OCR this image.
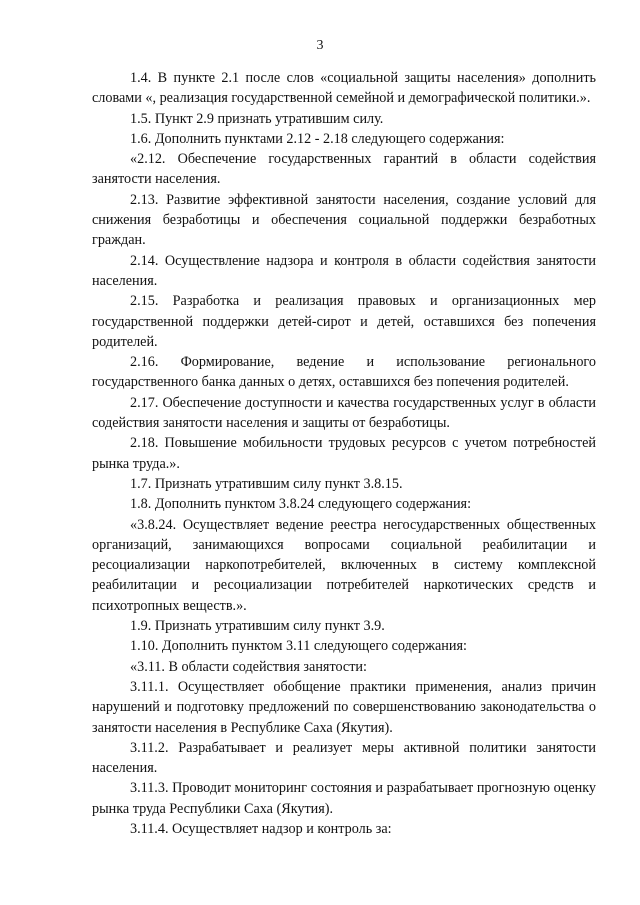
3

1.4. В пункте 2.1 после слов «социальной защиты населения» дополнить словами «, реализация государственной семейной и демографической политики.».

1.5. Пункт 2.9 признать утратившим силу.

1.6. Дополнить пунктами 2.12 - 2.18 следующего содержания:

«2.12. Обеспечение государственных гарантий в области содействия занятости населения.

2.13. Развитие эффективной занятости населения, создание условий для снижения безработицы и обеспечения социальной поддержки безработных граждан.

2.14. Осуществление надзора и контроля в области содействия занятости населения.

2.15. Разработка и реализация правовых и организационных мер государственной поддержки детей-сирот и детей, оставшихся без попечения родителей.

2.16. Формирование, ведение и использование регионального государственного банка данных о детях, оставшихся без попечения родителей.

2.17. Обеспечение доступности и качества государственных услуг в области содействия занятости населения и защиты от безработицы.

2.18. Повышение мобильности трудовых ресурсов с учетом потребностей рынка труда.».

1.7. Признать утратившим силу пункт 3.8.15.

1.8. Дополнить пунктом 3.8.24 следующего содержания:

«3.8.24. Осуществляет ведение реестра негосударственных общественных организаций, занимающихся вопросами социальной реабилитации и ресоциализации наркопотребителей, включенных в систему комплексной реабилитации и ресоциализации потребителей наркотических средств и психотропных веществ.».

1.9. Признать утратившим силу пункт 3.9.

1.10. Дополнить пунктом 3.11 следующего содержания:

«3.11. В области содействия занятости:

3.11.1. Осуществляет обобщение практики применения, анализ причин нарушений и подготовку предложений по совершенствованию законодательства о занятости населения в Республике Саха (Якутия).

3.11.2. Разрабатывает и реализует меры активной политики занятости населения.

3.11.3. Проводит мониторинг состояния и разрабатывает прогнозную оценку рынка труда Республики Саха (Якутия).

3.11.4. Осуществляет надзор и контроль за:
